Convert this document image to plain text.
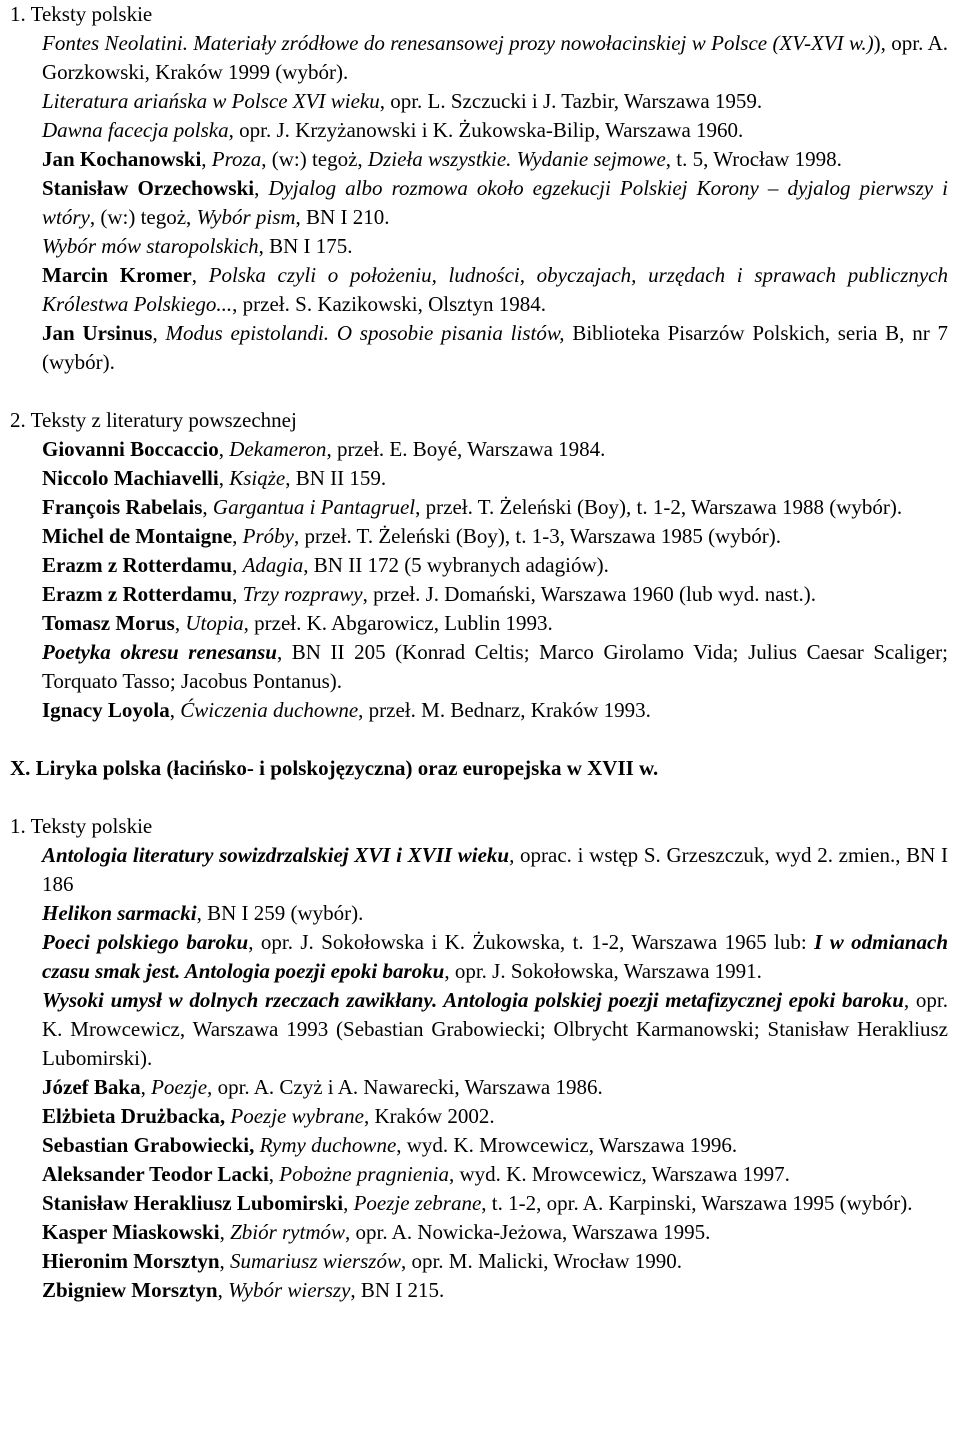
1. Teksty polskie
Fontes Neolatini. Materiały zródłowe do renesansowej prozy nowołacinskiej w Polsce (XV-XVI w.)), opr. A. Gorzkowski, Kraków 1999 (wybór).
Literatura ariańska w Polsce XVI wieku, opr. L. Szczucki i J. Tazbir, Warszawa 1959.
Dawna facecja polska, opr. J. Krzyżanowski i K. Żukowska-Bilip, Warszawa 1960.
Jan Kochanowski, Proza, (w:) tegoż, Dzieła wszystkie. Wydanie sejmowe, t. 5, Wrocław 1998.
Stanisław Orzechowski, Dyjalog albo rozmowa około egzekucji Polskiej Korony – dyjalog pierwszy i wtóry, (w:) tegoż, Wybór pism, BN I 210.
Wybór mów staropolskich, BN I 175.
Marcin Kromer, Polska czyli o położeniu, ludności, obyczajach, urzędach i sprawach publicznych Królestwa Polskiego..., przeł. S. Kazikowski, Olsztyn 1984.
Jan Ursinus, Modus epistolandi. O sposobie pisania listów, Biblioteka Pisarzów Polskich, seria B, nr 7 (wybór).
2. Teksty z literatury powszechnej
Giovanni Boccaccio, Dekameron, przeł. E. Boyé, Warszawa 1984.
Niccolo Machiavelli, Książe, BN II 159.
François Rabelais, Gargantua i Pantagruel, przeł. T. Żeleński (Boy), t. 1-2, Warszawa 1988 (wybór).
Michel de Montaigne, Próby, przeł. T. Żeleński (Boy), t. 1-3, Warszawa 1985 (wybór).
Erazm z Rotterdamu, Adagia, BN II 172 (5 wybranych adagiów).
Erazm z Rotterdamu, Trzy rozprawy, przeł. J. Domański, Warszawa 1960 (lub wyd. nast.).
Tomasz Morus, Utopia, przeł. K. Abgarowicz, Lublin 1993.
Poetyka okresu renesansu, BN II 205 (Konrad Celtis; Marco Girolamo Vida; Julius Caesar Scaliger; Torquato Tasso; Jacobus Pontanus).
Ignacy Loyola, Ćwiczenia duchowne, przeł. M. Bednarz, Kraków 1993.
X. Liryka polska (łacińsko- i polskojęzyczna) oraz europejska w XVII w.
1. Teksty polskie
Antologia literatury sowizdrzalskiej XVI i XVII wieku, oprac. i wstęp S. Grzeszczuk, wyd 2. zmien., BN I 186
Helikon sarmacki, BN I 259 (wybór).
Poeci polskiego baroku, opr. J. Sokołowska i K. Żukowska, t. 1-2, Warszawa 1965 lub: I w odmianach czasu smak jest. Antologia poezji epoki baroku, opr. J. Sokołowska, Warszawa 1991.
Wysoki umysł w dolnych rzeczach zawikłany. Antologia polskiej poezji metafizycznej epoki baroku, opr. K. Mrowcewicz, Warszawa 1993 (Sebastian Grabowiecki; Olbrycht Karmanowski; Stanisław Herakliusz Lubomirski).
Józef Baka, Poezje, opr. A. Czyż i A. Nawarecki, Warszawa 1986.
Elżbieta Drużbacka, Poezje wybrane, Kraków 2002.
Sebastian Grabowiecki, Rymy duchowne, wyd. K. Mrowcewicz, Warszawa 1996.
Aleksander Teodor Lacki, Pobożne pragnienia, wyd. K. Mrowcewicz, Warszawa 1997.
Stanisław Herakliusz Lubomirski, Poezje zebrane, t. 1-2, opr. A. Karpinski, Warszawa 1995 (wybór).
Kasper Miaskowski, Zbiór rytmów, opr. A. Nowicka-Jeżowa, Warszawa 1995.
Hieronim Morsztyn, Sumariusz wierszów, opr. M. Malicki, Wrocław 1990.
Zbigniew Morsztyn, Wybór wierszy, BN I 215.
